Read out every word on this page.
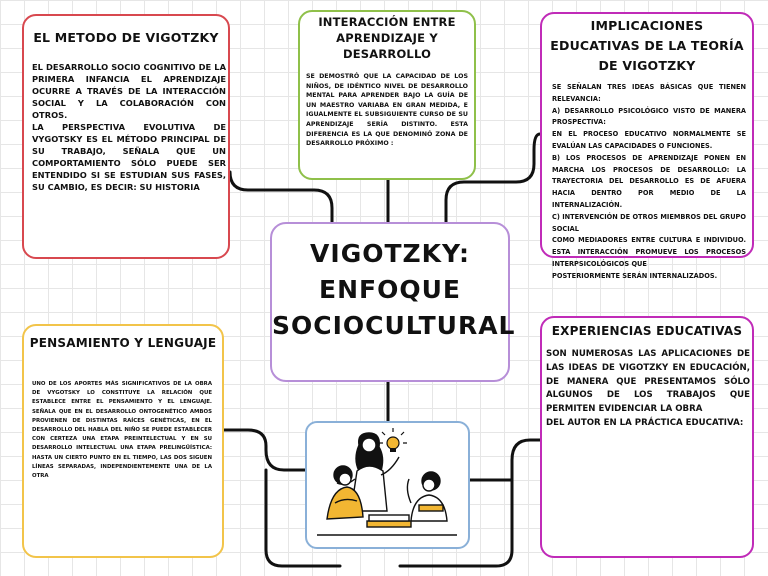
EL METODO DE VIGOTZKY

EL DESARROLLO SOCIO COGNITIVO DE LA PRIMERA INFANCIA EL APRENDIZAJE OCURRE A TRAVÉS DE LA INTERACCIÓN SOCIAL Y LA COLABORACIÓN CON OTROS.

LA PERSPECTIVA EVOLUTIVA DE VYGOTSKY ES EL MÉTODO PRINCIPAL DE SU TRABAJO, SEÑALA QUE UN COMPORTAMIENTO SÓLO PUEDE SER ENTENDIDO SI SE ESTUDIAN SUS FASES, SU CAMBIO, ES DECIR: SU HISTORIA

INTERACCIÓN ENTRE APRENDIZAJE Y DESARROLLO
SE DEMOSTRÓ QUE LA CAPACIDAD DE LOS NIÑOS, DE IDÉNTICO NIVEL DE DESARROLLO MENTAL PARA APRENDER BAJO LA GUÍA DE UN MAESTRO VARIABA EN GRAN MEDIDA, E IGUALMENTE EL SUBSIGUIENTE CURSO DE SU APRENDIZAJE SERÍA DISTINTO. ESTA DIFERENCIA ES LA QUE DENOMINÓ ZONA DE DESARROLLO PRÓXIMO :
IMPLICACIONES EDUCATIVAS DE LA TEORÍA DE VIGOTZKY

SE SEÑALAN TRES IDEAS BÁSICAS QUE TIENEN RELEVANCIA:

A) DESARROLLO PSICOLÓGICO VISTO DE MANERA PROSPECTIVA:

EN EL PROCESO EDUCATIVO NORMALMENTE SE EVALÚAN LAS CAPACIDADES O FUNCIONES.

B) LOS PROCESOS DE APRENDIZAJE PONEN EN MARCHA LOS PROCESOS DE DESARROLLO: LA TRAYECTORIA DEL DESARROLLO ES DE AFUERA HACIA DENTRO POR MEDIO DE LA INTERNALIZACIÓN.

C) INTERVENCIÓN DE OTROS MIEMBROS DEL GRUPO SOCIAL

COMO MEDIADORES ENTRE CULTURA E INDIVIDUO. ESTA INTERACCIÓN PROMUEVE LOS PROCESOS INTERPSICOLÓGICOS QUE

POSTERIORMENTE SERÁN INTERNALIZADOS.

VIGOTZKY:
ENFOQUE
SOCIOCULTURAL
PENSAMIENTO Y LENGUAJE
UNO DE LOS APORTES MÁS SIGNIFICATIVOS DE LA OBRA DE VYGOTSKY LO CONSTITUYE LA RELACIÓN QUE ESTABLECE ENTRE EL PENSAMIENTO Y EL LENGUAJE. SEÑALA QUE EN EL DESARROLLO ONTOGENÉTICO AMBOS PROVIENEN DE DISTINTAS RAÍCES GENÉTICAS, EN EL DESARROLLO DEL HABLA DEL NIÑO SE PUEDE ESTABLECER CON CERTEZA UNA ETAPA PREINTELECTUAL Y EN SU DESARROLLO INTELECTUAL UNA ETAPA PRELINGÜÍSTICA: HASTA UN CIERTO PUNTO EN EL TIEMPO, LAS DOS SIGUEN LÍNEAS SEPARADAS, INDEPENDIENTEMENTE UNA DE LA OTRA
EXPERIENCIAS EDUCATIVAS

SON NUMEROSAS LAS APLICACIONES DE LAS IDEAS DE VIGOTZKY EN EDUCACIÓN, DE MANERA QUE PRESENTAMOS SÓLO ALGUNOS DE LOS TRABAJOS QUE PERMITEN EVIDENCIAR LA OBRA

DEL AUTOR EN LA PRÁCTICA EDUCATIVA:
